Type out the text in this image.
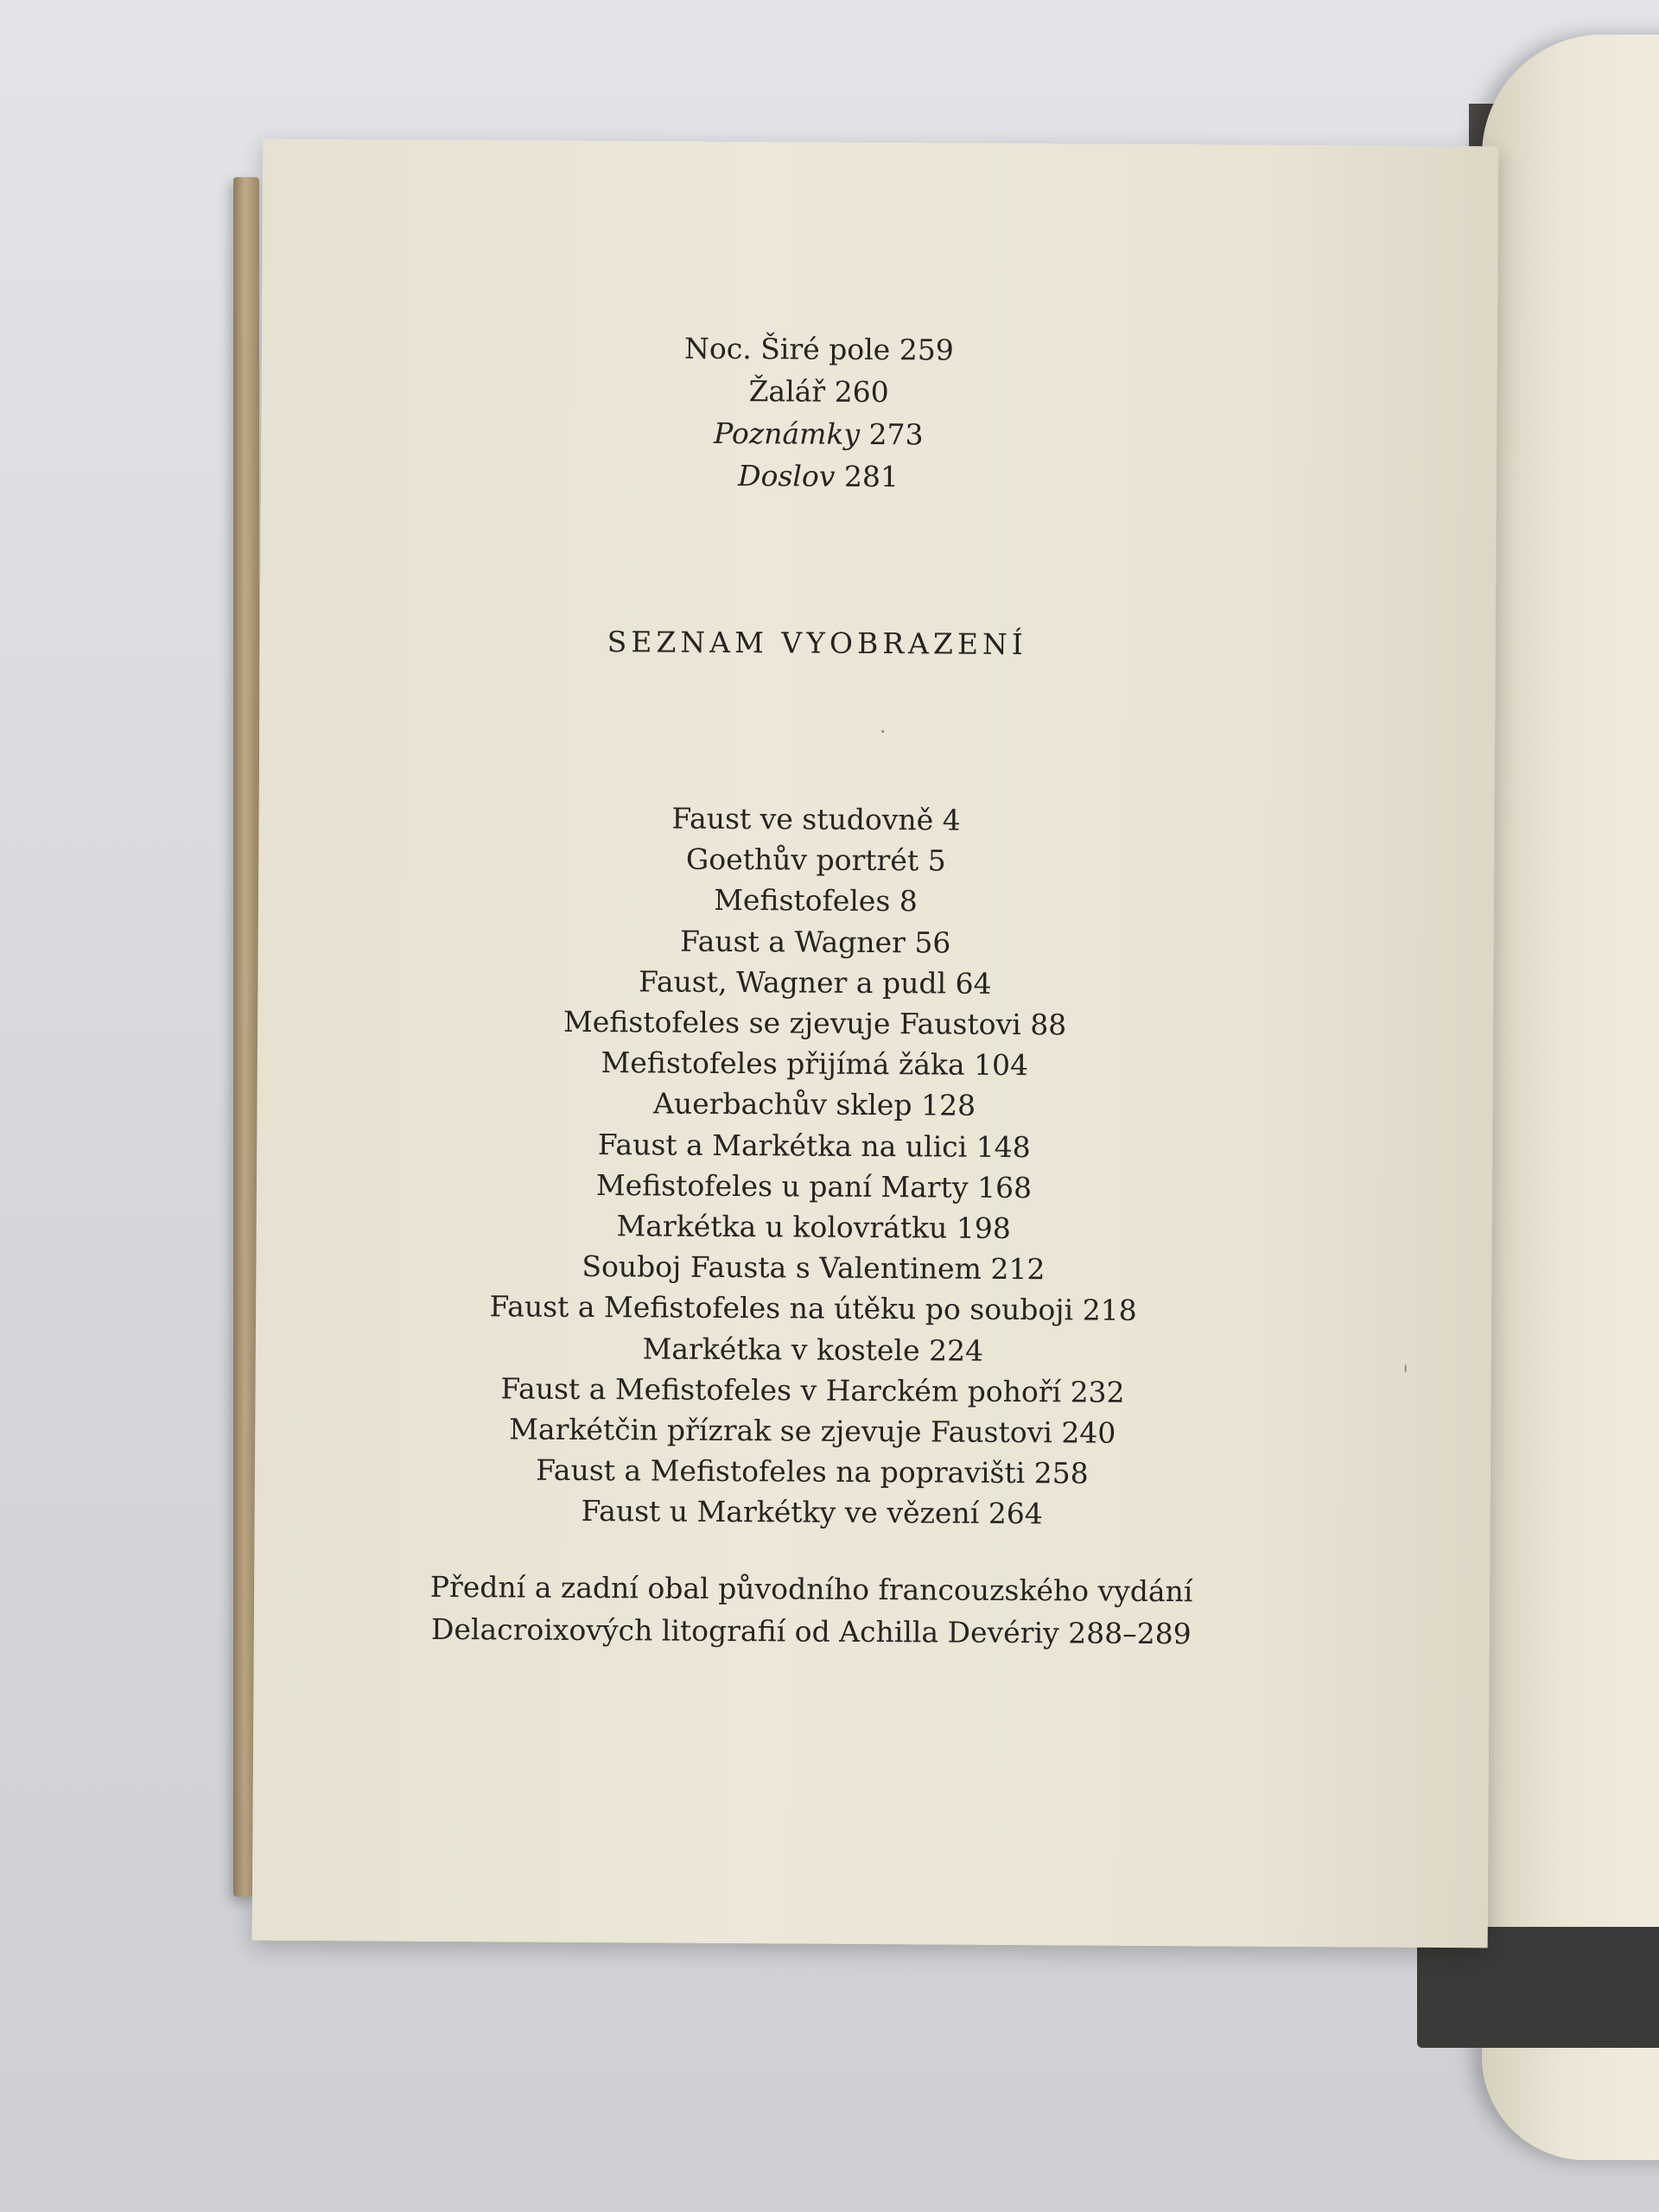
Noc. Širé pole 259
Žalář 260
Poznámky 273
Doslov 281
SEZNAM VYOBRAZENÍ
Faust ve studovně 4
Goethův portrét 5
Mefistofeles 8
Faust a Wagner 56
Faust, Wagner a pudl 64
Mefistofeles se zjevuje Faustovi 88
Mefistofeles přijímá žáka 104
Auerbachův sklep 128
Faust a Markétka na ulici 148
Mefistofeles u paní Marty 168
Markétka u kolovrátku 198
Souboj Fausta s Valentinem 212
Faust a Mefistofeles na útěku po souboji 218
Markétka v kostele 224
Faust a Mefistofeles v Harckém pohoří 232
Markétčin přízrak se zjevuje Faustovi 240
Faust a Mefistofeles na popravišti 258
Faust u Markétky ve vězení 264
Přední a zadní obal původního francouzského vydání
Delacroixových litografií od Achilla Devériy 288–289
